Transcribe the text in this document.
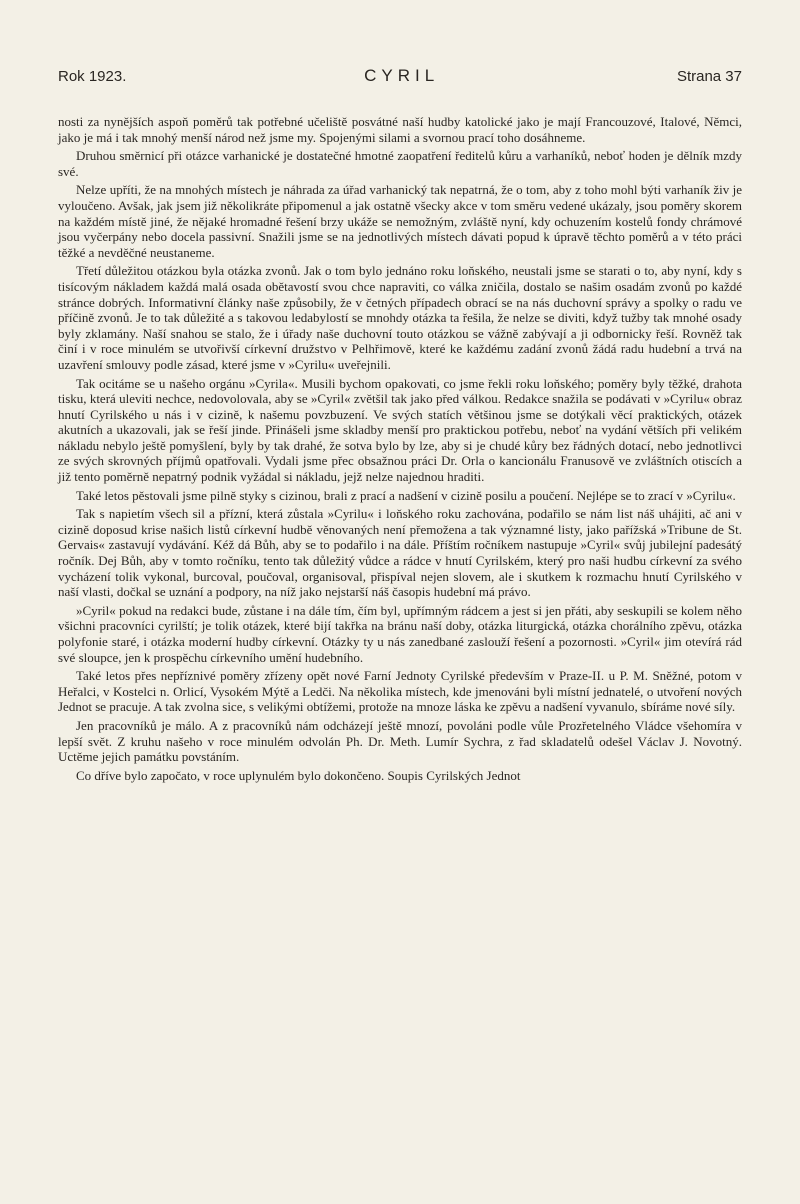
Rok 1923.	CYRIL	Strana 37

nosti za nynějších aspoň poměrů tak potřebné učeliště posvátné naší hudby katolické jako je mají Francouzové, Italové, Němci, jako je má i tak mnohý menší národ než jsme my. Spojenými silami a svornou prací toho dosáhneme.

Druhou směrnicí při otázce varhanické je dostatečné hmotné zaopatření ředitelů kůru a varhaníků, neboť hoden je dělník mzdy své.

Nelze upříti, že na mnohých místech je náhrada za úřad varhanický tak nepatrná, že o tom, aby z toho mohl býti varhaník živ je vyloučeno. Avšak, jak jsem již několikráte připomenul a jak ostatně všecky akce v tom směru vedené ukázaly, jsou poměry skorem na každém místě jiné, že nějaké hromadné řešení brzy ukáže se nemožným, zvláště nyní, kdy ochuzením kostelů fondy chrámové jsou vyčerpány nebo docela passivní. Snažili jsme se na jednotlivých místech dávati popud k úpravě těchto poměrů a v této práci těžké a nevděčné neustaneme.

Třetí důležitou otázkou byla otázka zvonů. Jak o tom bylo jednáno roku loňského, neustali jsme se starati o to, aby nyní, kdy s tisícovým nákladem každá malá osada obětavostí svou chce napraviti, co válka zničila, dostalo se našim osadám zvonů po každé stránce dobrých. Informativní články naše způsobily, že v četných případech obrací se na nás duchovní správy a spolky o radu ve příčině zvonů. Je to tak důležité a s takovou ledabylostí se mnohdy otázka ta řešila, že nelze se diviti, když tužby tak mnohé osady byly zklamány. Naší snahou se stalo, že i úřady naše duchovní touto otázkou se vážně zabývají a ji odbornicky řeší. Rovněž tak činí i v roce minulém se utvořivší církevní družstvo v Pelhřimově, které ke každému zadání zvonů žádá radu hudební a trvá na uzavření smlouvy podle zásad, které jsme v »Cyrilu« uveřejnili.

Tak ocitáme se u našeho orgánu »Cyrila«. Musili bychom opakovati, co jsme řekli roku loňského; poměry byly těžké, drahota tisku, která uleviti nechce, nedovolovala, aby se »Cyril« zvětšil tak jako před válkou. Redakce snažila se podávati v »Cyrilu« obraz hnutí Cyrilského u nás i v cizině, k našemu povzbuzení. Ve svých statích většinou jsme se dotýkali věcí praktických, otázek akutních a ukazovali, jak se řeší jinde. Přinášeli jsme skladby menší pro praktickou potřebu, neboť na vydání větších při velikém nákladu nebylo ještě pomyšlení, byly by tak drahé, že sotva bylo by lze, aby si je chudé kůry bez řádných dotací, nebo jednotlivci ze svých skrovných příjmů opatřovali. Vydali jsme přec obsažnou práci Dr. Orla o kancionálu Franusově ve zvláštních otiscích a již tento poměrně nepatrný podnik vyžádal si nákladu, jejž nelze najednou hraditi.

Také letos pěstovali jsme pilně styky s cizinou, brali z prací a nadšení v cizině posilu a poučení. Nejlépe se to zrací v »Cyrilu«.

Tak s napietím všech sil a přízní, která zůstala »Cyrilu« i loňského roku zachována, podařilo se nám list náš uhájiti, ač ani v cizině doposud krise našich listů církevní hudbě věnovaných není přemožena a tak významné listy, jako pařížská »Tribune de St. Gervais« zastavují vydávání. Kéž dá Bůh, aby se to podařilo i na dále. Příštím ročníkem nastupuje »Cyril« svůj jubilejní padesátý ročník. Dej Bůh, aby v tomto ročníku, tento tak důležitý vůdce a rádce v hnutí Cyrilském, který pro naši hudbu církevní za svého vycházení tolik vykonal, burcoval, poučoval, organisoval, přispíval nejen slovem, ale i skutkem k rozmachu hnutí Cyrilského v naší vlasti, dočkal se uznání a podpory, na níž jako nejstarší náš časopis hudební má právo.

»Cyril« pokud na redakci bude, zůstane i na dále tím, čím byl, upřímným rádcem a jest si jen přáti, aby seskupili se kolem něho všichni pracovníci cyrilští; je tolik otázek, které bijí takřka na bránu naší doby, otázka liturgická, otázka chorálního zpěvu, otázka polyfonie staré, i otázka moderní hudby církevní. Otázky ty u nás zanedbané zaslouží řešení a pozornosti. »Cyril« jim otevírá rád své sloupce, jen k prospěchu církevního umění hudebního.

Také letos přes nepříznivé poměry zřízeny opět nové Farní Jednoty Cyrilské především v Praze-II. u P. M. Sněžné, potom v Heřalci, v Kostelci n. Orlicí, Vysokém Mýtě a Ledči. Na několika místech, kde jmenováni byli místní jednatelé, o utvoření nových Jednot se pracuje. A tak zvolna sice, s velikými obtížemi, protože na mnoze láska ke zpěvu a nadšení vyvanulo, sbíráme nové síly.

Jen pracovníků je málo. A z pracovníků nám odcházejí ještě mnozí, povoláni podle vůle Prozřetelného Vládce všehomíra v lepší svět. Z kruhu našeho v roce minulém odvolán Ph. Dr. Meth. Lumír Sychra, z řad skladatelů odešel Václav J. Novotný. Uctěme jejich památku povstáním.

Co dříve bylo započato, v roce uplynulém bylo dokončeno. Soupis Cyrilských Jednot
